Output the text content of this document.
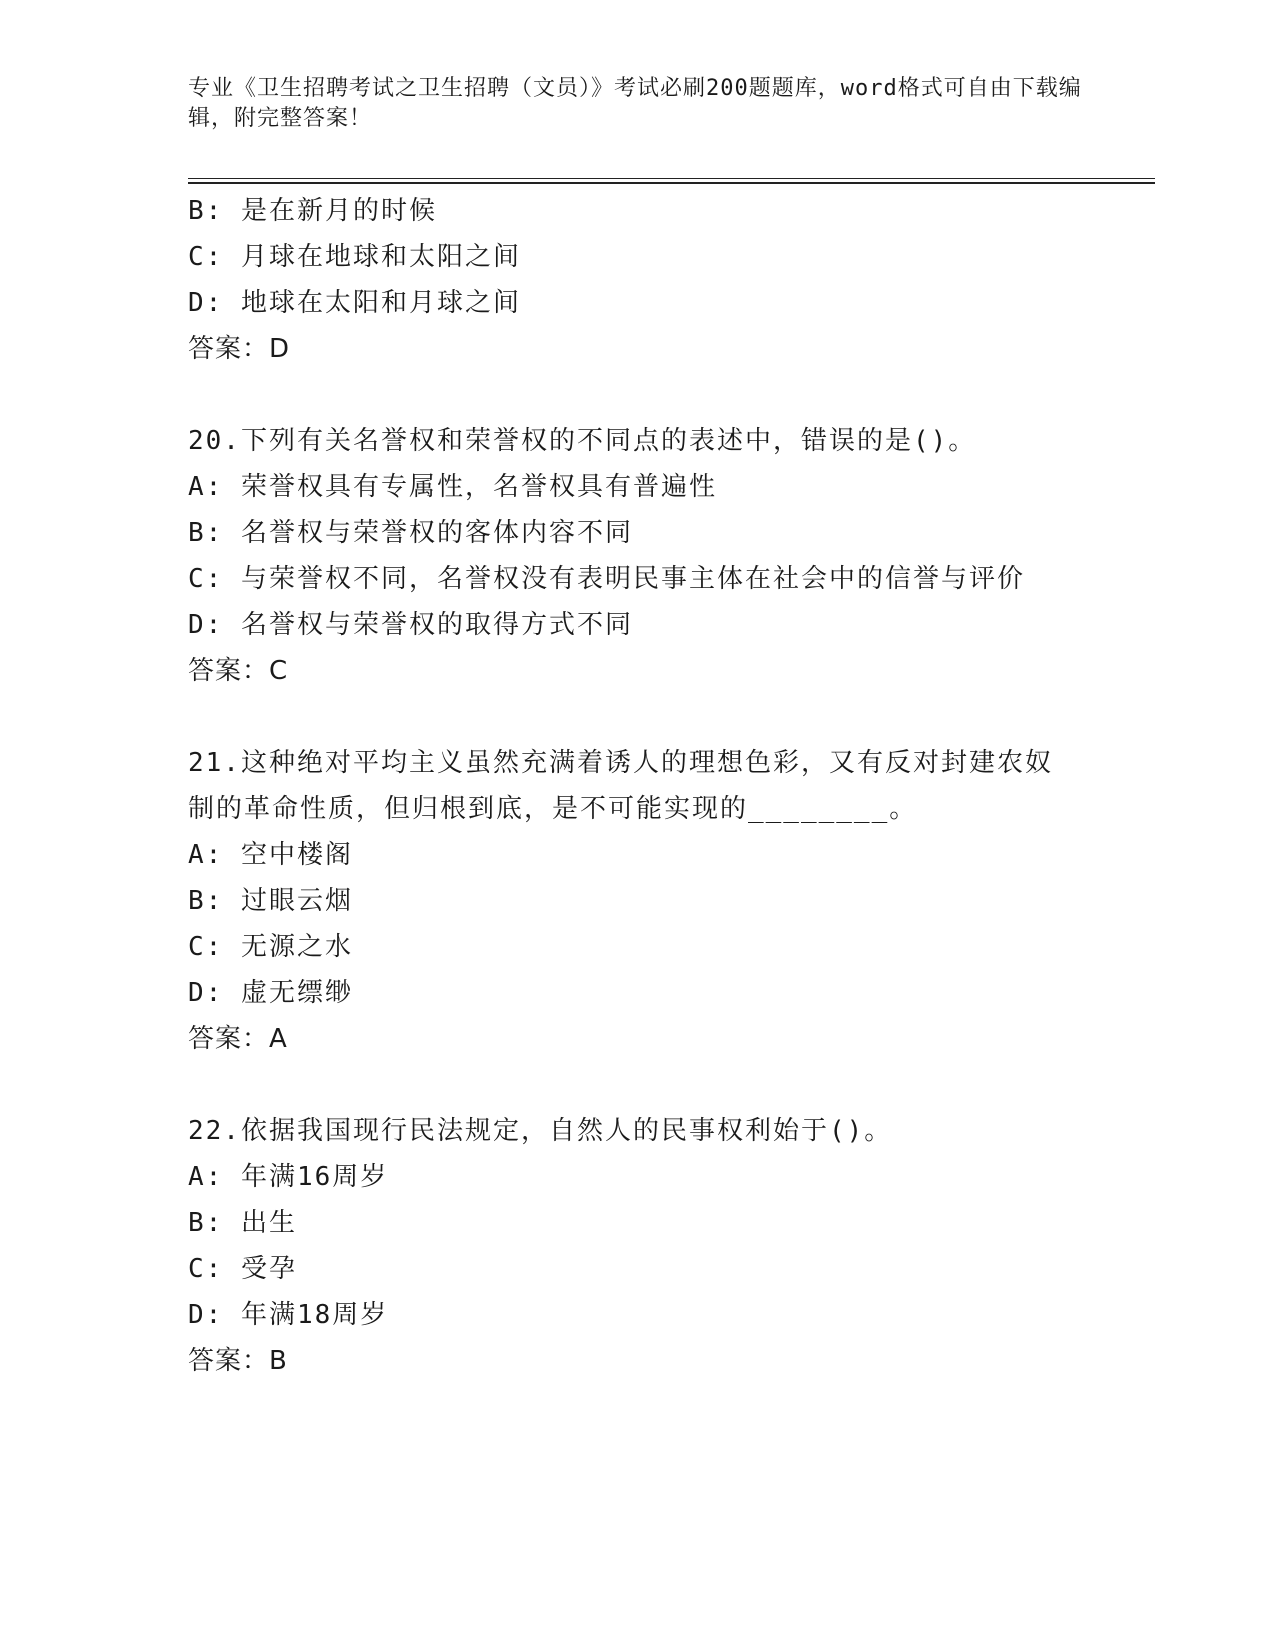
专业《卫生招聘考试之卫生招聘（文员）》考试必刷200题题库，word格式可自由下载编辑，附完整答案！
B: 是在新月的时候
C: 月球在地球和太阳之间
D: 地球在太阳和月球之间
答案：D
20.下列有关名誉权和荣誉权的不同点的表述中，错误的是()。
A: 荣誉权具有专属性，名誉权具有普遍性
B: 名誉权与荣誉权的客体内容不同
C: 与荣誉权不同，名誉权没有表明民事主体在社会中的信誉与评价
D: 名誉权与荣誉权的取得方式不同
答案：C
21.这种绝对平均主义虽然充满着诱人的理想色彩，又有反对封建农奴
制的革命性质，但归根到底，是不可能实现的________。
A: 空中楼阁
B: 过眼云烟
C: 无源之水
D: 虚无缥缈
答案：A
22.依据我国现行民法规定，自然人的民事权利始于()。
A: 年满16周岁
B: 出生
C: 受孕
D: 年满18周岁
答案：B
